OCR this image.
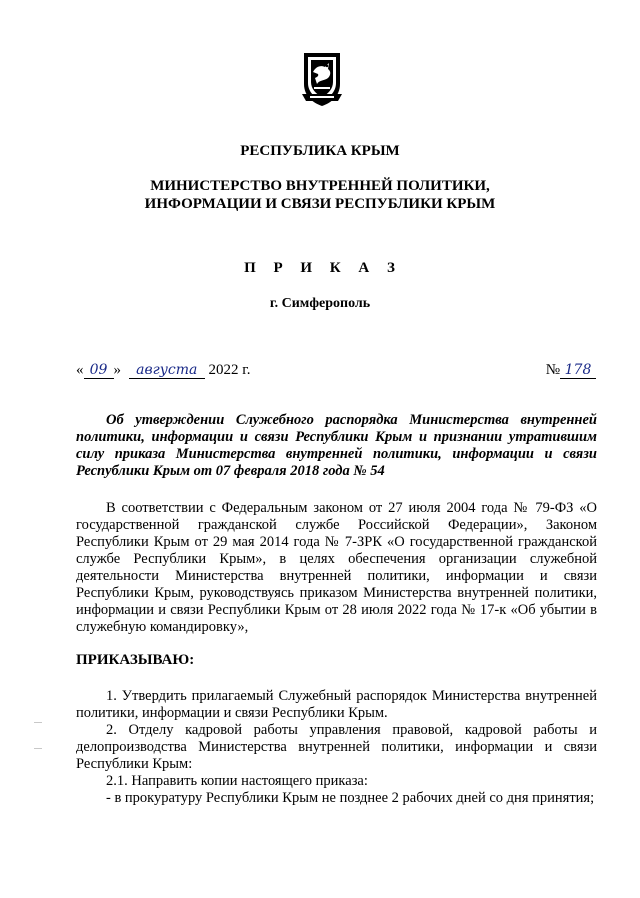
РЕСПУБЛИКА КРЫМ
МИНИСТЕРСТВО ВНУТРЕННЕЙ ПОЛИТИКИ,
ИНФОРМАЦИИ И СВЯЗИ РЕСПУБЛИКИ КРЫМ
П Р И К А З
г. Симферополь
« 09 » августа 2022 г.	№ 178
Об утверждении Служебного распорядка Министерства внутренней политики, информации и связи Республики Крым и признании утратившим силу приказа Министерства внутренней политики, информации и связи Республики Крым от 07 февраля 2018 года № 54
В соответствии с Федеральным законом от 27 июля 2004 года № 79-ФЗ «О государственной гражданской службе Российской Федерации», Законом Республики Крым от 29 мая 2014 года № 7-ЗРК «О государственной гражданской службе Республики Крым», в целях обеспечения организации служебной деятельности Министерства внутренней политики, информации и связи Республики Крым, руководствуясь приказом Министерства внутренней политики, информации и связи Республики Крым от 28 июля 2022 года № 17-к «Об убытии в служебную командировку»,
ПРИКАЗЫВАЮ:

1. Утвердить прилагаемый Служебный распорядок Министерства внутренней политики, информации и связи Республики Крым.

2. Отделу кадровой работы управления правовой, кадровой работы и делопроизводства Министерства внутренней политики, информации и связи Республики Крым:

2.1. Направить копии настоящего приказа:

- в прокуратуру Республики Крым не позднее 2 рабочих дней со дня принятия;
